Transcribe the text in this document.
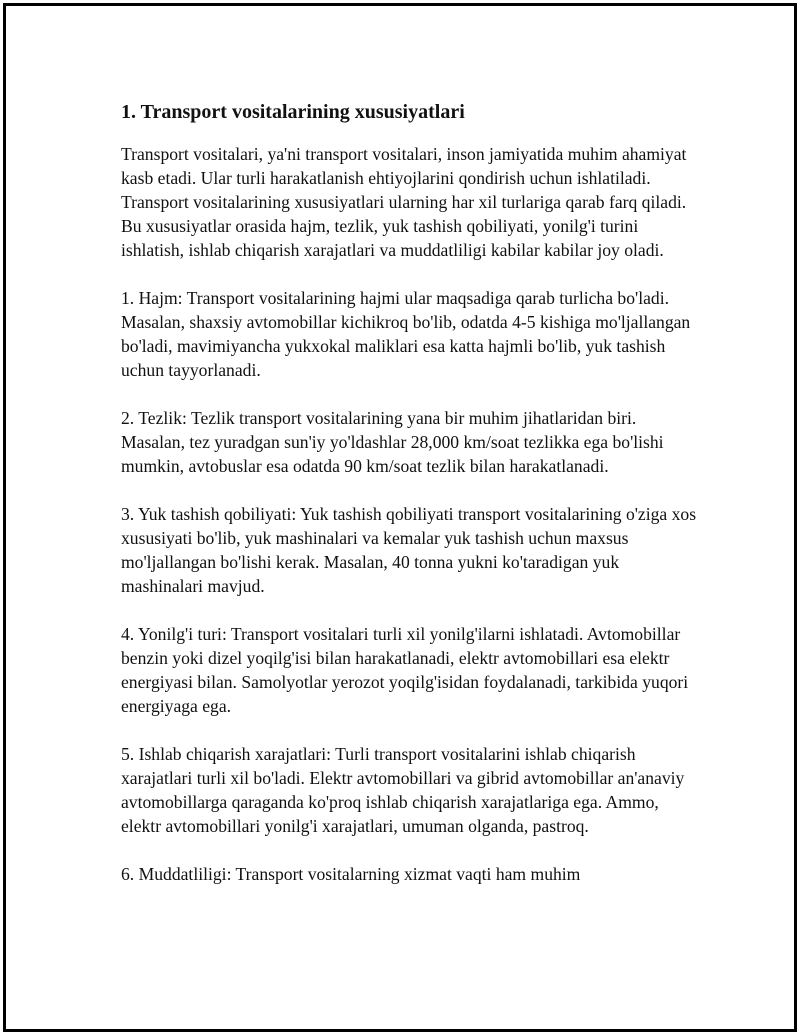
1. Transport vositalarining xususiyatlari

Transport vositalari, ya'ni transport vositalari, inson jamiyatida muhim ahamiyat kasb etadi. Ular turli harakatlanish ehtiyojlarini qondirish uchun ishlatiladi. Transport vositalarining xususiyatlari ularning har xil turlariga qarab farq qiladi. Bu xususiyatlar orasida hajm, tezlik, yuk tashish qobiliyati, yonilg'i turini ishlatish, ishlab chiqarish xarajatlari va muddatliligi kabilar kabilar joy oladi.

1. Hajm: Transport vositalarining hajmi ular maqsadiga qarab turlicha bo'ladi. Masalan, shaxsiy avtomobillar kichikroq bo'lib, odatda 4-5 kishiga mo'ljallangan bo'ladi, mavimiyancha yukxokal maliklari esa katta hajmli bo'lib, yuk tashish uchun tayyorlanadi.

2. Tezlik: Tezlik transport vositalarining yana bir muhim jihatlaridan biri. Masalan, tez yuradgan sun'iy yo'ldashlar 28,000 km/soat tezlikka ega bo'lishi mumkin, avtobuslar esa odatda 90 km/soat tezlik bilan harakatlanadi.

3. Yuk tashish qobiliyati: Yuk tashish qobiliyati transport vositalarining o'ziga xos xususiyati bo'lib, yuk mashinalari va kemalar yuk tashish uchun maxsus mo'ljallangan bo'lishi kerak. Masalan, 40 tonna yukni ko'taradigan yuk mashinalari mavjud.

4. Yonilg'i turi: Transport vositalari turli xil yonilg'ilarni ishlatadi. Avtomobillar benzin yoki dizel yoqilg'isi bilan harakatlanadi, elektr avtomobillari esa elektr energiyasi bilan. Samolyotlar yerozot yoqilg'isidan foydalanadi, tarkibida yuqori energiyaga ega.

5. Ishlab chiqarish xarajatlari: Turli transport vositalarini ishlab chiqarish xarajatlari turli xil bo'ladi. Elektr avtomobillari va gibrid avtomobillar an'anaviy avtomobillarga qaraganda ko'proq ishlab chiqarish xarajatlariga ega. Ammo, elektr avtomobillari yonilg'i xarajatlari, umuman olganda, pastroq.

6. Muddatliligi: Transport vositalarning xizmat vaqti ham muhim
